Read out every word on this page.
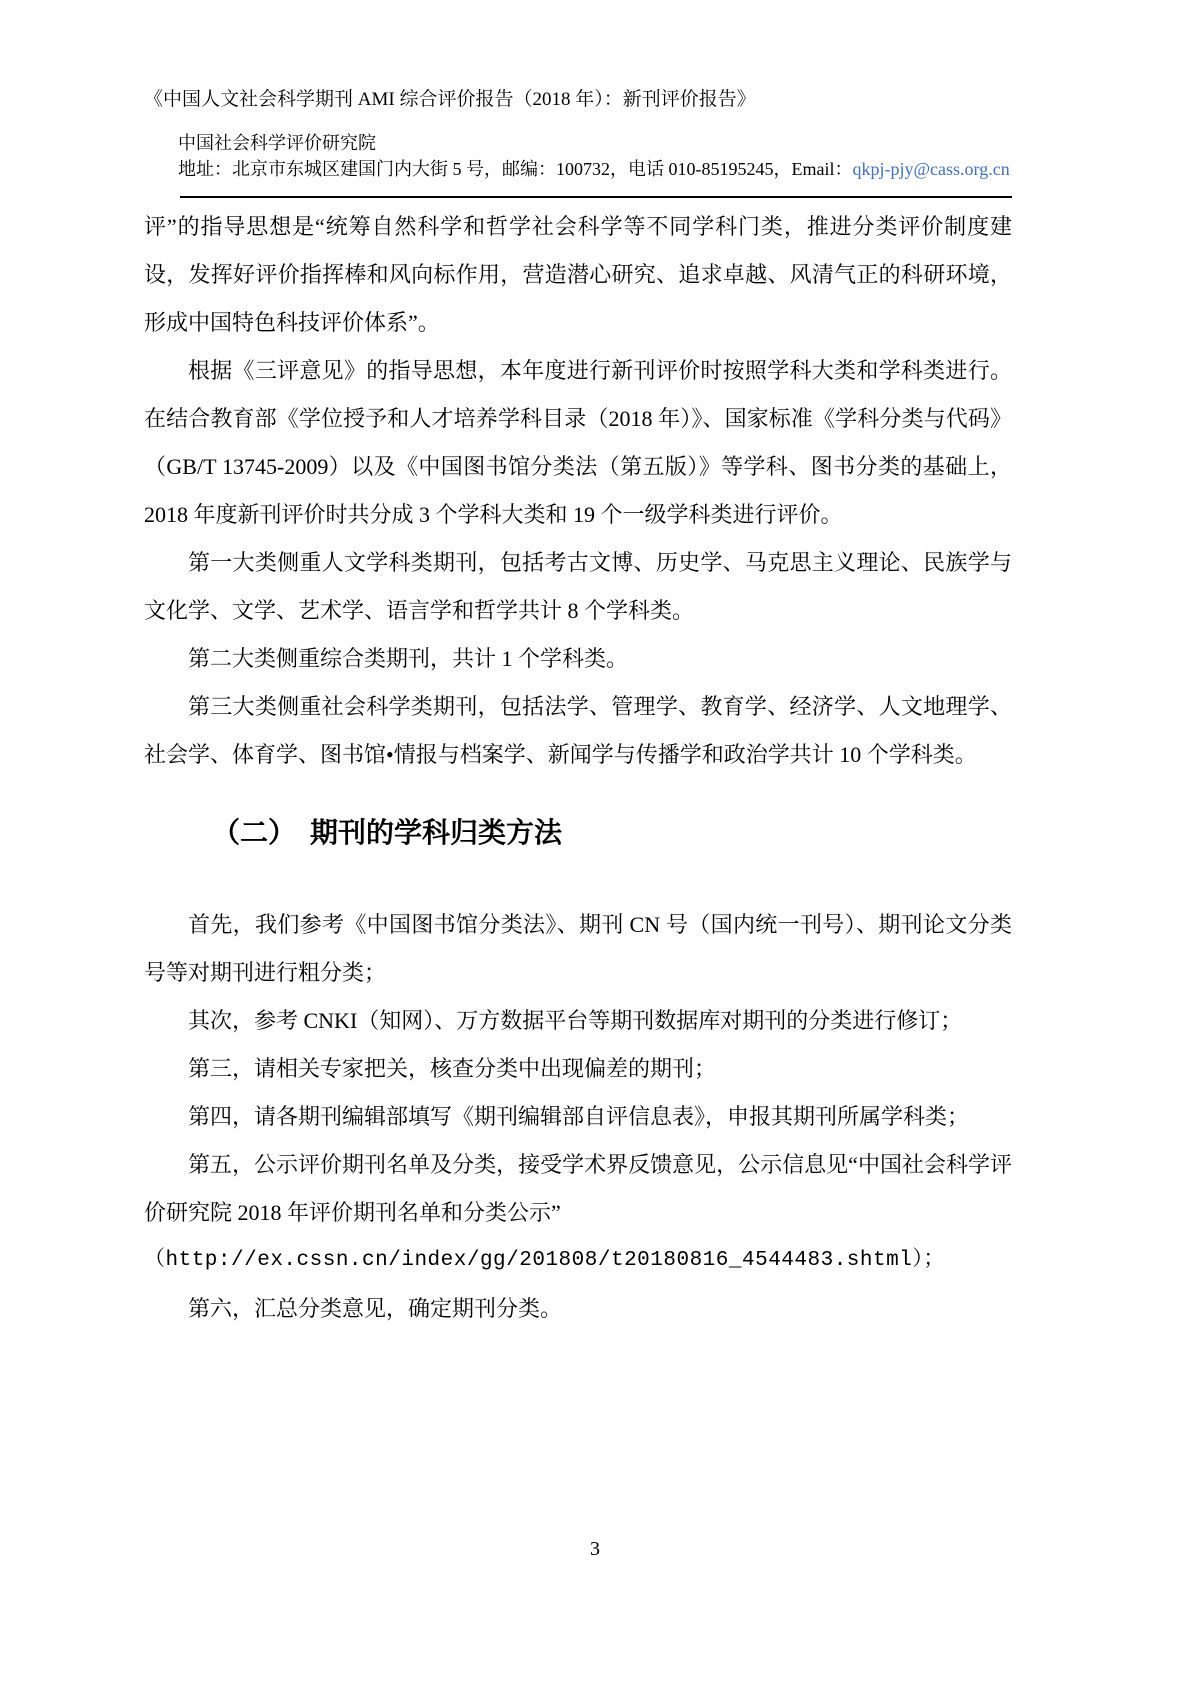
《中国人文社会科学期刊 AMI 综合评价报告（2018 年）：新刊评价报告》
中国社会科学评价研究院
地址：北京市东城区建国门内大街 5 号，邮编：100732，电话 010-85195245，Email：qkpj-pjy@cass.org.cn

评”的指导思想是“统筹自然科学和哲学社会科学等不同学科门类，推进分类评价制度建设，发挥好评价指挥棒和风向标作用，营造潜心研究、追求卓越、风清气正的科研环境，形成中国特色科技评价体系”。

根据《三评意见》的指导思想，本年度进行新刊评价时按照学科大类和学科类进行。在结合教育部《学位授予和人才培养学科目录（2018 年）》、国家标准《学科分类与代码》（GB/T 13745-2009）以及《中国图书馆分类法（第五版）》等学科、图书分类的基础上，2018 年度新刊评价时共分成 3 个学科大类和 19 个一级学科类进行评价。

第一大类侧重人文学科类期刊，包括考古文博、历史学、马克思主义理论、民族学与文化学、文学、艺术学、语言学和哲学共计 8 个学科类。

第二大类侧重综合类期刊，共计 1 个学科类。

第三大类侧重社会科学类期刊，包括法学、管理学、教育学、经济学、人文地理学、社会学、体育学、图书馆•情报与档案学、新闻学与传播学和政治学共计 10 个学科类。

（二）　期刊的学科归类方法

首先，我们参考《中国图书馆分类法》、期刊 CN 号（国内统一刊号）、期刊论文分类号等对期刊进行粗分类；

其次，参考 CNKI（知网）、万方数据平台等期刊数据库对期刊的分类进行修订；

第三，请相关专家把关，核查分类中出现偏差的期刊；

第四，请各期刊编辑部填写《期刊编辑部自评信息表》，申报其期刊所属学科类；

第五，公示评价期刊名单及分类，接受学术界反馈意见，公示信息见“中国社会科学评价研究院 2018 年评价期刊名单和分类公示”

（http://ex.cssn.cn/index/gg/201808/t20180816_4544483.shtml）；

第六，汇总分类意见，确定期刊分类。

3
